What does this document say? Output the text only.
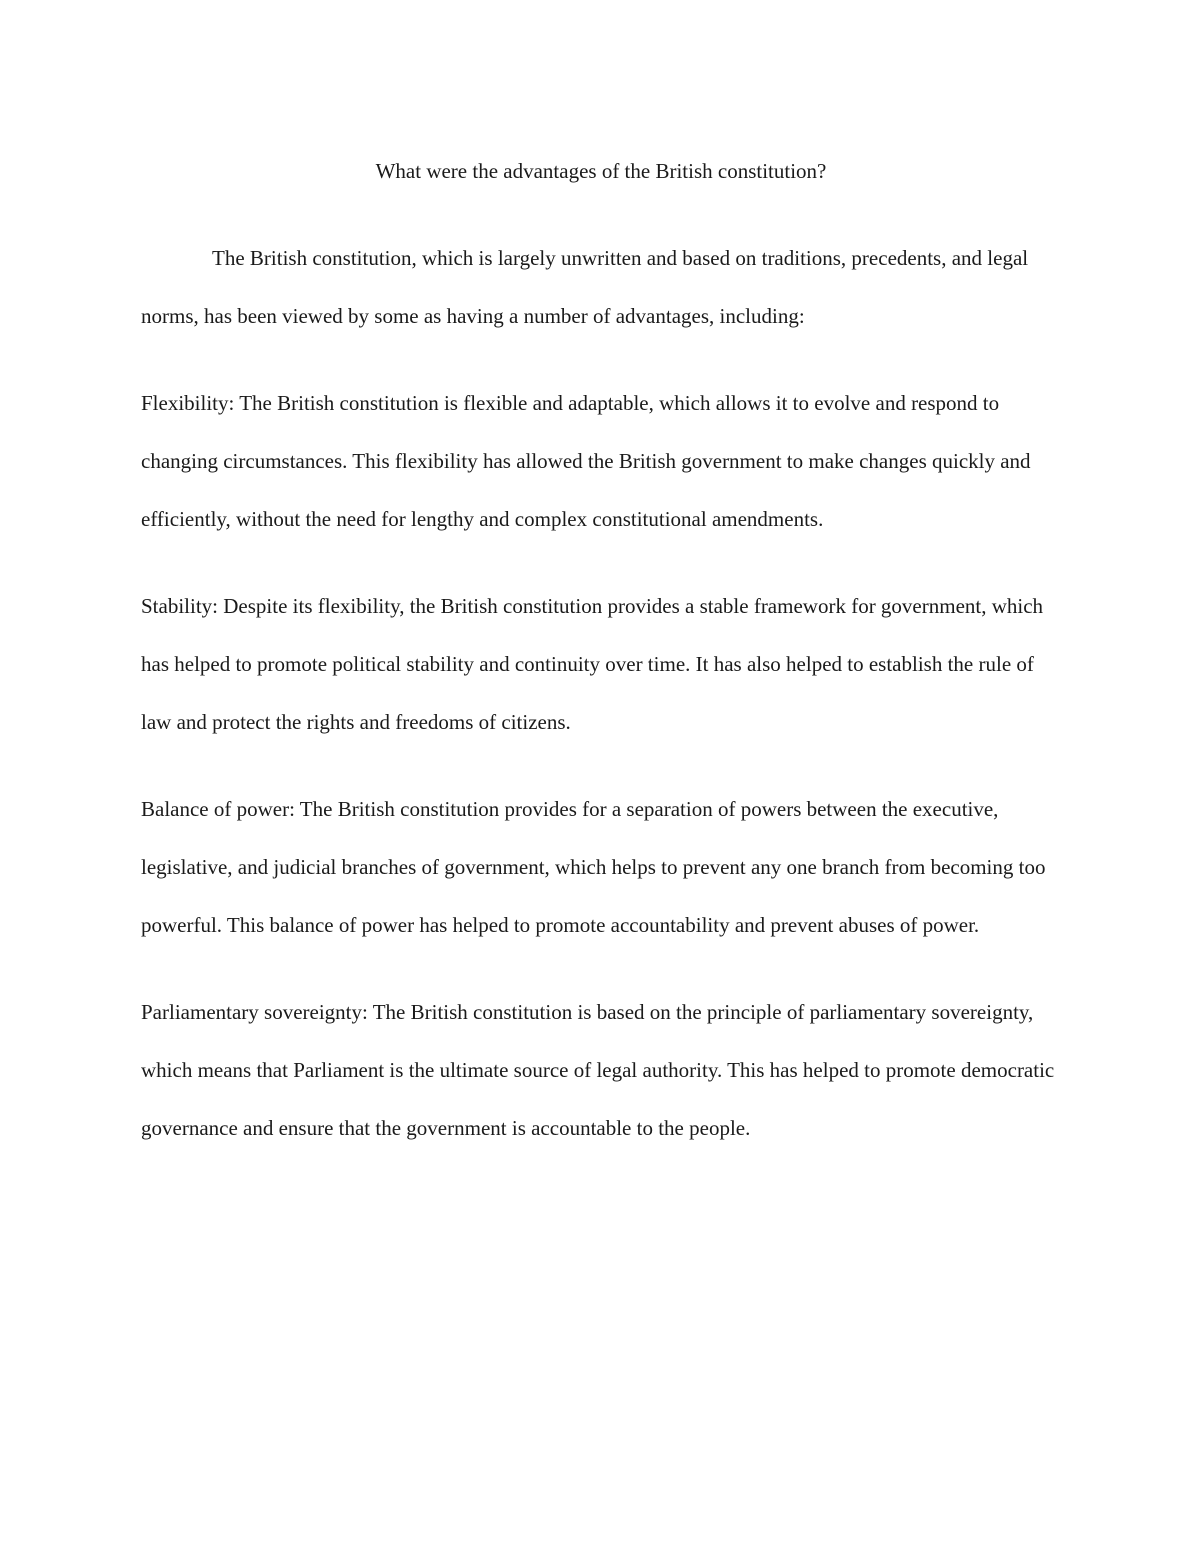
What were the advantages of the British constitution?

The British constitution, which is largely unwritten and based on traditions, precedents, and legal norms, has been viewed by some as having a number of advantages, including:

Flexibility: The British constitution is flexible and adaptable, which allows it to evolve and respond to changing circumstances. This flexibility has allowed the British government to make changes quickly and efficiently, without the need for lengthy and complex constitutional amendments.

Stability: Despite its flexibility, the British constitution provides a stable framework for government, which has helped to promote political stability and continuity over time. It has also helped to establish the rule of law and protect the rights and freedoms of citizens.

Balance of power: The British constitution provides for a separation of powers between the executive, legislative, and judicial branches of government, which helps to prevent any one branch from becoming too powerful. This balance of power has helped to promote accountability and prevent abuses of power.

Parliamentary sovereignty: The British constitution is based on the principle of parliamentary sovereignty, which means that Parliament is the ultimate source of legal authority. This has helped to promote democratic governance and ensure that the government is accountable to the people.
